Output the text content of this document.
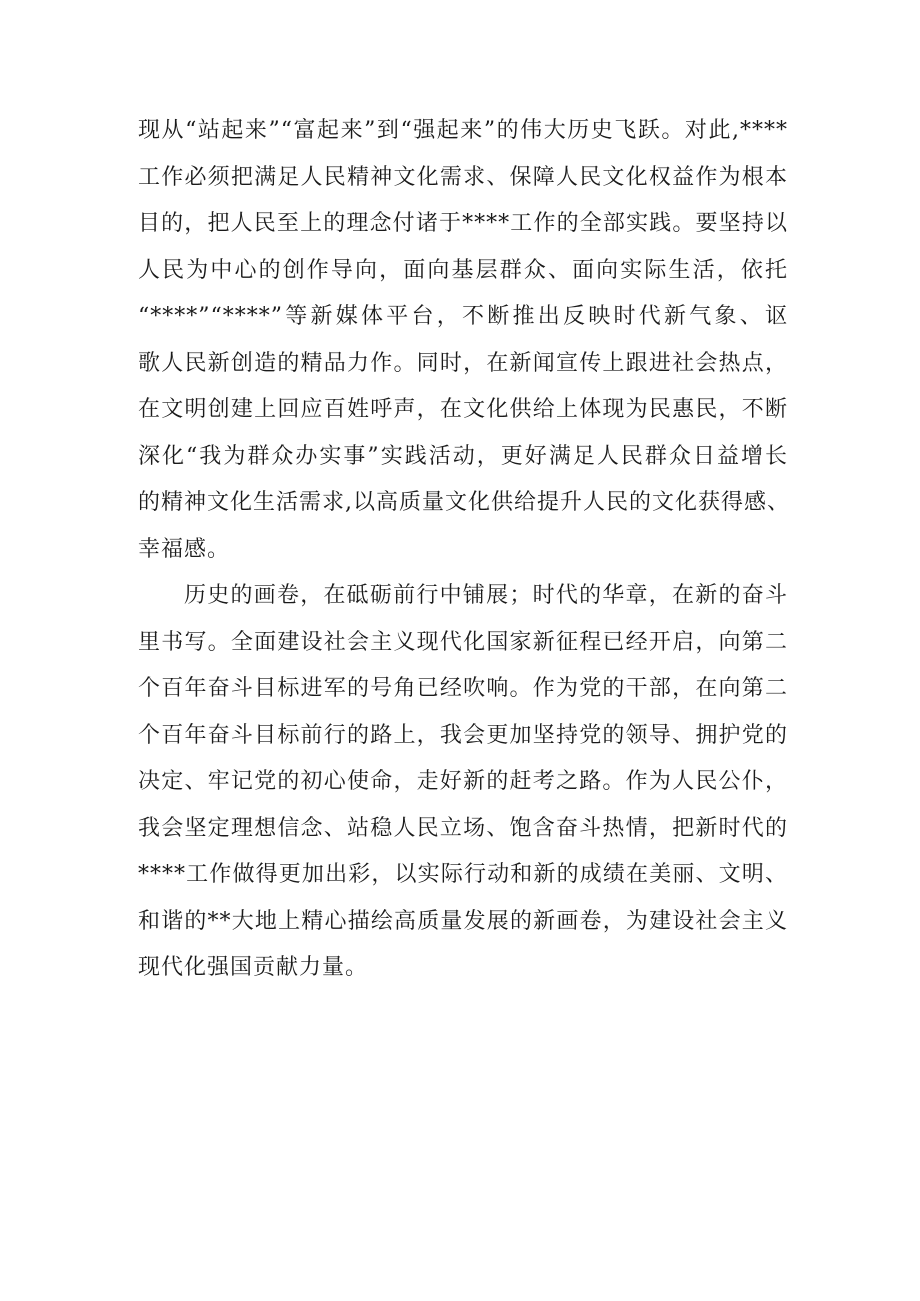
现从“站起来”“富起来”到“强起来”的伟大历史飞跃。对此,****
工作必须把满足人民精神文化需求、保障人民文化权益作为根本
目的，把人民至上的理念付诸于****工作的全部实践。要坚持以
人民为中心的创作导向，面向基层群众、面向实际生活，依托
“****”“****”等新媒体平台，不断推出反映时代新气象、讴
歌人民新创造的精品力作。同时，在新闻宣传上跟进社会热点，
在文明创建上回应百姓呼声，在文化供给上体现为民惠民，不断
深化“我为群众办实事”实践活动，更好满足人民群众日益增长
的精神文化生活需求,以高质量文化供给提升人民的文化获得感、
幸福感。
历史的画卷，在砥砺前行中铺展；时代的华章，在新的奋斗
里书写。全面建设社会主义现代化国家新征程已经开启，向第二
个百年奋斗目标进军的号角已经吹响。作为党的干部，在向第二
个百年奋斗目标前行的路上，我会更加坚持党的领导、拥护党的
决定、牢记党的初心使命，走好新的赶考之路。作为人民公仆，
我会坚定理想信念、站稳人民立场、饱含奋斗热情，把新时代的
****工作做得更加出彩，以实际行动和新的成绩在美丽、文明、
和谐的**大地上精心描绘高质量发展的新画卷，为建设社会主义
现代化强国贡献力量。
